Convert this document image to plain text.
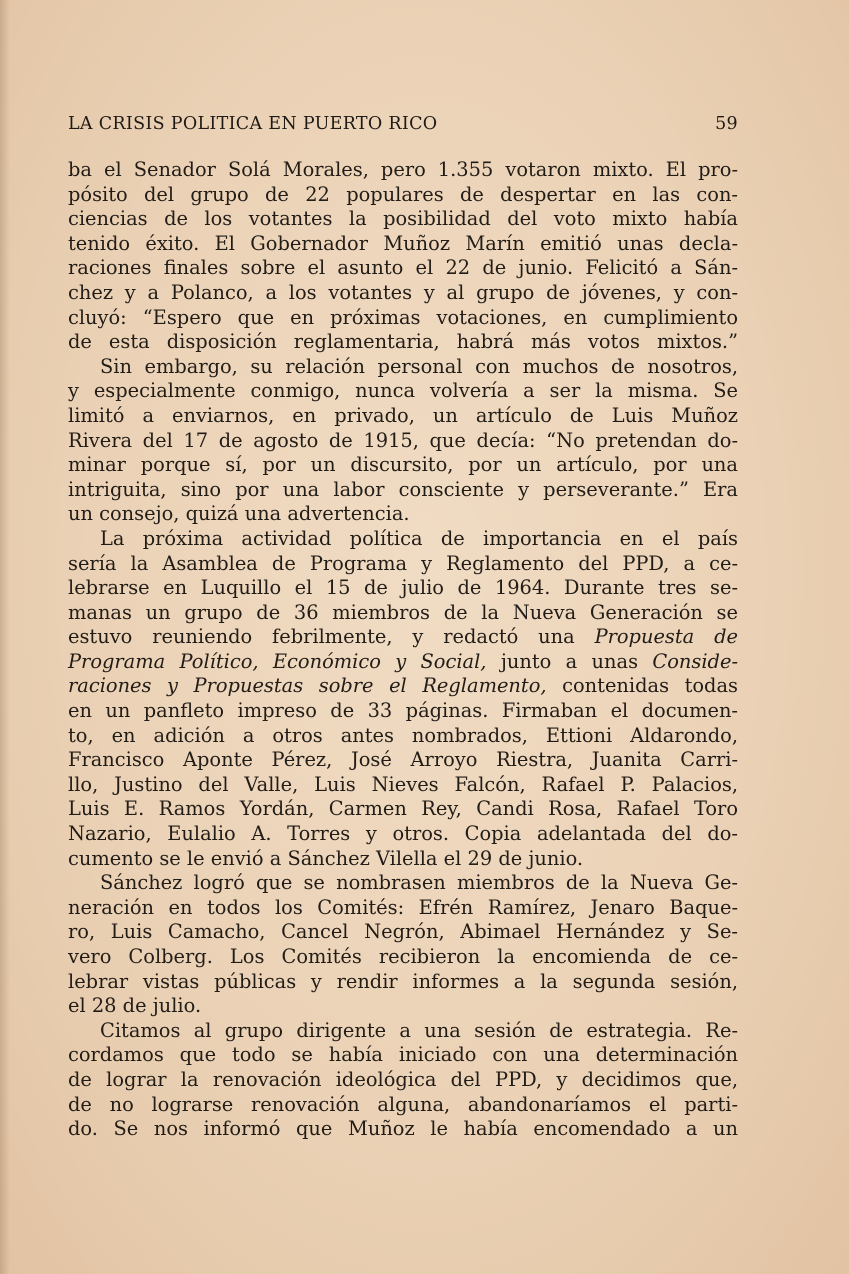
LA CRISIS POLITICA EN PUERTO RICO	59
ba el Senador Solá Morales, pero 1.355 votaron mixto. El pro-
pósito del grupo de 22 populares de despertar en las con-
ciencias de los votantes la posibilidad del voto mixto había
tenido éxito. El Gobernador Muñoz Marín emitió unas decla-
raciones finales sobre el asunto el 22 de junio. Felicitó a Sán-
chez y a Polanco, a los votantes y al grupo de jóvenes, y con-
cluyó: “Espero que en próximas votaciones, en cumplimiento
de esta disposición reglamentaria, habrá más votos mixtos.”
Sin embargo, su relación personal con muchos de nosotros,
y especialmente conmigo, nunca volvería a ser la misma. Se
limitó a enviarnos, en privado, un artículo de Luis Muñoz
Rivera del 17 de agosto de 1915, que decía: “No pretendan do-
minar porque sí, por un discursito, por un artículo, por una
intriguita, sino por una labor consciente y perseverante.” Era
un consejo, quizá una advertencia.
La próxima actividad política de importancia en el país
sería la Asamblea de Programa y Reglamento del PPD, a ce-
lebrarse en Luquillo el 15 de julio de 1964. Durante tres se-
manas un grupo de 36 miembros de la Nueva Generación se
estuvo reuniendo febrilmente, y redactó una Propuesta de
Programa Político, Económico y Social, junto a unas Conside-
raciones y Propuestas sobre el Reglamento, contenidas todas
en un panfleto impreso de 33 páginas. Firmaban el documen-
to, en adición a otros antes nombrados, Ettioni Aldarondo,
Francisco Aponte Pérez, José Arroyo Riestra, Juanita Carri-
llo, Justino del Valle, Luis Nieves Falcón, Rafael P. Palacios,
Luis E. Ramos Yordán, Carmen Rey, Candi Rosa, Rafael Toro
Nazario, Eulalio A. Torres y otros. Copia adelantada del do-
cumento se le envió a Sánchez Vilella el 29 de junio.
Sánchez logró que se nombrasen miembros de la Nueva Ge-
neración en todos los Comités: Efrén Ramírez, Jenaro Baque-
ro, Luis Camacho, Cancel Negrón, Abimael Hernández y Se-
vero Colberg. Los Comités recibieron la encomienda de ce-
lebrar vistas públicas y rendir informes a la segunda sesión,
el 28 de julio.
Citamos al grupo dirigente a una sesión de estrategia. Re-
cordamos que todo se había iniciado con una determinación
de lograr la renovación ideológica del PPD, y decidimos que,
de no lograrse renovación alguna, abandonaríamos el parti-
do. Se nos informó que Muñoz le había encomendado a un
